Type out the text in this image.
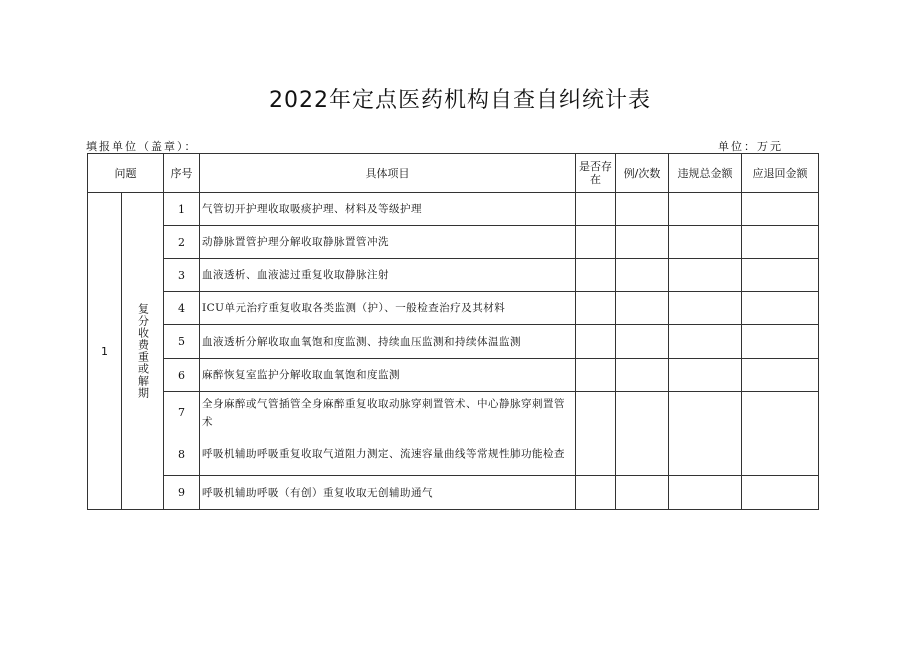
2022年定点医药机构自查自纠统计表
填报单位（盖章）：	单位：万元
问题		序号	具体项目	是否存在	例/次数	违规总金额	应退回金额
1	复分收费重或解期	1	气管切开护理收取吸痰护理、材料及等级护理				
		2	动静脉置管护理分解收取静脉置管冲洗				
		3	血液透析、血液滤过重复收取静脉注射				
		4	ICU单元治疗重复收取各类监测（护）、一般检查治疗及其材料				
		5	血液透析分解收取血氧饱和度监测、持续血压监测和持续体温监测				
		6	麻醉恢复室监护分解收取血氧饱和度监测				
		7	全身麻醉或气管插管全身麻醉重复收取动脉穿刺置管术、中心静脉穿刺置管术				
		8	呼吸机辅助呼吸重复收取气道阻力测定、流速容量曲线等常规性肺功能检查				
		9	呼吸机辅助呼吸（有创）重复收取无创辅助通气				
